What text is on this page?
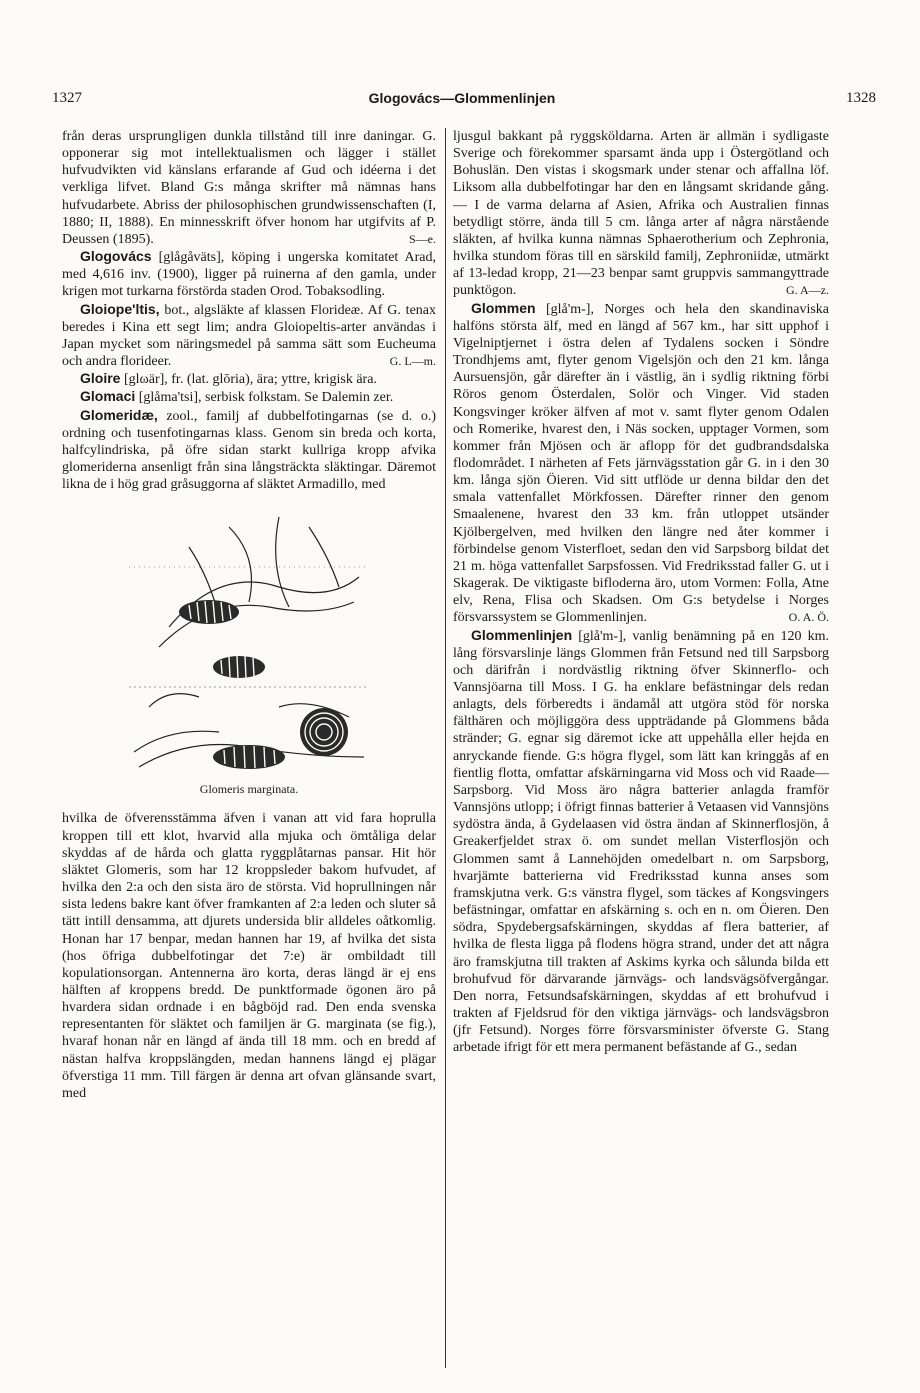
1327	Glogovács—Glommenlinjen	1328

från deras ursprungligen dunkla tillstånd till inre daningar. G. opponerar sig mot intellektualismen och lägger i stället hufvudvikten vid känslans erfarande af Gud och idéerna i det verkliga lifvet. Bland G:s många skrifter må nämnas hans hufvudarbete. Abriss der philosophischen grundwissenschaften (I, 1880; II, 1888). En minnesskrift öfver honom har utgifvits af P. Deussen (1895).	S—e.

Glogovács [glågåväts], köping i ungerska komitatet Arad, med 4,616 inv. (1900), ligger på ruinerna af den gamla, under krigen mot turkarna förstörda staden Orod. Tobaksodling.

Gloiope'ltis, bot., algsläkte af klassen Florideæ. Af G. tenax beredes i Kina ett segt lim; andra Gloiopeltis-arter användas i Japan mycket som näringsmedel på samma sätt som Eucheuma och andra florideer.	G. L—m.

Gloire [glωär], fr. (lat. glōria), ära; yttre, krigisk ära.

Glomaci [glåma'tsi], serbisk folkstam. Se Dalemin zer.

Glomeridæ, zool., familj af dubbelfotingarnas (se d. o.) ordning och tusenfotingarnas klass. Genom sin breda och korta, halfcylindriska, på öfre sidan starkt kullriga kropp afvika glomeriderna ansenligt från sina långsträckta släktingar. Däremot likna de i hög grad gråsuggorna af släktet Armadillo, med

Glomeris marginata.

hvilka de öfverensstämma äfven i vanan att vid fara hoprulla kroppen till ett klot, hvarvid alla mjuka och ömtåliga delar skyddas af de hårda och glatta ryggplåtarnas pansar. Hit hör släktet Glomeris, som har 12 kroppsleder bakom hufvudet, af hvilka den 2:a och den sista äro de största. Vid hoprullningen når sista ledens bakre kant öfver framkanten af 2:a leden och sluter så tätt intill densamma, att djurets undersida blir alldeles oåtkomlig. Honan har 17 benpar, medan hannen har 19, af hvilka det sista (hos öfriga dubbelfotingar det 7:e) är ombildadt till kopulationsorgan. Antennerna äro korta, deras längd är ej ens hälften af kroppens bredd. De punktformade ögonen äro på hvardera sidan ordnade i en bågböjd rad. Den enda svenska representanten för släktet och familjen är G. marginata (se fig.), hvaraf honan når en längd af ända till 18 mm. och en bredd af nästan halfva kroppslängden, medan hannens längd ej plägar öfverstiga 11 mm. Till färgen är denna art ofvan glänsande svart, med

ljusgul bakkant på ryggsköldarna. Arten är allmän i sydligaste Sverige och förekommer sparsamt ända upp i Östergötland och Bohuslän. Den vistas i skogsmark under stenar och affallna löf. Liksom alla dubbelfotingar har den en långsamt skridande gång. — I de varma delarna af Asien, Afrika och Australien finnas betydligt större, ända till 5 cm. långa arter af några närstående släkten, af hvilka kunna nämnas Sphaerotherium och Zephronia, hvilka stundom föras till en särskild familj, Zephroniidæ, utmärkt af 13-ledad kropp, 21—23 benpar samt gruppvis sammangyttrade punktögon.	G. A—z.

Glommen [glå'm-], Norges och hela den skandinaviska halföns största älf, med en längd af 567 km., har sitt upphof i Vigelniptjernet i östra delen af Tydalens socken i Söndre Trondhjems amt, flyter genom Vigelsjön och den 21 km. långa Aursuensjön, går därefter än i västlig, än i sydlig riktning förbi Röros genom Österdalen, Solör och Vinger. Vid staden Kongsvinger kröker älfven af mot v. samt flyter genom Odalen och Romerike, hvarest den, i Näs socken, upptager Vormen, som kommer från Mjösen och är aflopp för det gudbrandsdalska flodområdet. I närheten af Fets järnvägsstation går G. in i den 30 km. långa sjön Öieren. Vid sitt utflöde ur denna bildar den det smala vattenfallet Mörkfossen. Därefter rinner den genom Smaalenene, hvarest den 33 km. från utloppet utsänder Kjölbergelven, med hvilken den längre ned åter kommer i förbindelse genom Visterfloet, sedan den vid Sarpsborg bildat det 21 m. höga vattenfallet Sarpsfossen. Vid Fredriksstad faller G. ut i Skagerak. De viktigaste bifloderna äro, utom Vormen: Folla, Atne elv, Rena, Flisa och Skadsen. Om G:s betydelse i Norges försvarssystem se Glommenlinjen.	O. A. Ö.

Glommenlinjen [glå'm-], vanlig benämning på en 120 km. lång försvarslinje längs Glommen från Fetsund ned till Sarpsborg och därifrån i nordvästlig riktning öfver Skinnerflo- och Vannsjöarna till Moss. I G. ha enklare befästningar dels redan anlagts, dels förberedts i ändamål att utgöra stöd för norska fälthären och möjliggöra dess uppträdande på Glommens båda stränder; G. egnar sig däremot icke att uppehålla eller hejda en anryckande fiende. G:s högra flygel, som lätt kan kringgås af en fientlig flotta, omfattar afskärningarna vid Moss och vid Raade—Sarpsborg. Vid Moss äro några batterier anlagda framför Vannsjöns utlopp; i öfrigt finnas batterier å Vetaasen vid Vannsjöns sydöstra ända, å Gydelaasen vid östra ändan af Skinnerflosjön, å Greakerfjeldet strax ö. om sundet mellan Visterflosjön och Glommen samt å Lannehöjden omedelbart n. om Sarpsborg, hvarjämte batterierna vid Fredriksstad kunna anses som framskjutna verk. G:s vänstra flygel, som täckes af Kongsvingers befästningar, omfattar en afskärning s. och en n. om Öieren. Den södra, Spydebergsafskärningen, skyddas af flera batterier, af hvilka de flesta ligga på flodens högra strand, under det att några äro framskjutna till trakten af Askims kyrka och sålunda bilda ett brohufvud för därvarande järnvägs- och landsvägsöfvergångar. Den norra, Fetsundsafskärningen, skyddas af ett brohufvud i trakten af Fjeldsrud för den viktiga järnvägs- och landsvägsbron (jfr Fetsund). Norges förre försvarsminister öfverste G. Stang arbetade ifrigt för ett mera permanent befästande af G., sedan
